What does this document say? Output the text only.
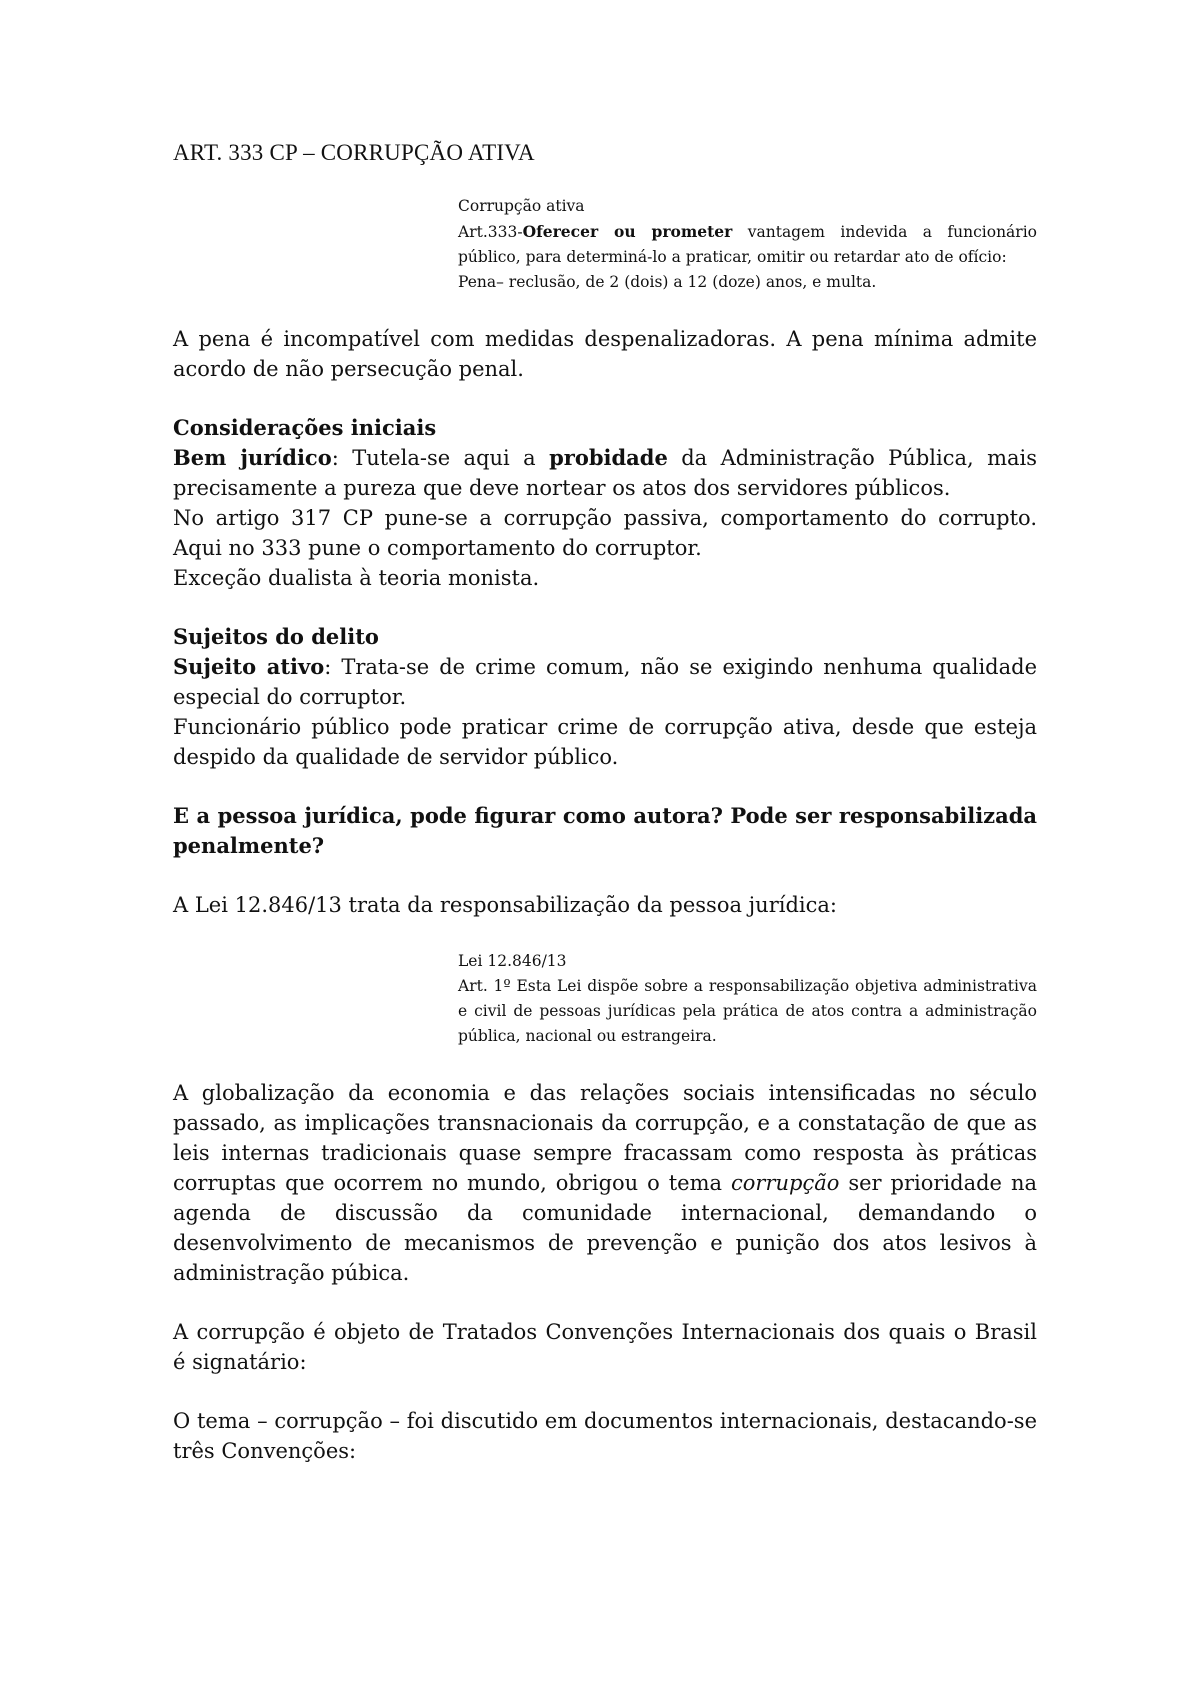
ART. 333 CP – CORRUPÇÃO ATIVA

Corrupção ativa

Art.333-Oferecer ou prometer vantagem indevida a funcionário público, para determiná-lo a praticar, omitir ou retardar ato de ofício:

Pena– reclusão, de 2 (dois) a 12 (doze) anos, e multa.

A pena é incompatível com medidas despenalizadoras. A pena mínima admite acordo de não persecução penal.

Considerações iniciais

Bem jurídico: Tutela-se aqui a probidade da Administração Pública, mais precisamente a pureza que deve nortear os atos dos servidores públicos.

No artigo 317 CP pune-se a corrupção passiva, comportamento do corrupto. Aqui no 333 pune o comportamento do corruptor.

Exceção dualista à teoria monista.

Sujeitos do delito

Sujeito ativo: Trata-se de crime comum, não se exigindo nenhuma qualidade especial do corruptor.

Funcionário público pode praticar crime de corrupção ativa, desde que esteja despido da qualidade de servidor público.

E a pessoa jurídica, pode figurar como autora? Pode ser responsabilizada penalmente?

A Lei 12.846/13 trata da responsabilização da pessoa jurídica:

Lei 12.846/13

Art. 1º Esta Lei dispõe sobre a responsabilização objetiva administrativa e civil de pessoas jurídicas pela prática de atos contra a administração pública, nacional ou estrangeira.

A globalização da economia e das relações sociais intensificadas no século passado, as implicações transnacionais da corrupção, e a constatação de que as leis internas tradicionais quase sempre fracassam como resposta às práticas corruptas que ocorrem no mundo, obrigou o tema corrupção ser prioridade na agenda de discussão da comunidade internacional, demandando o desenvolvimento de mecanismos de prevenção e punição dos atos lesivos à administração púbica.

A corrupção é objeto de Tratados Convenções Internacionais dos quais o Brasil é signatário:

O tema – corrupção – foi discutido em documentos internacionais, destacando-se três Convenções:
